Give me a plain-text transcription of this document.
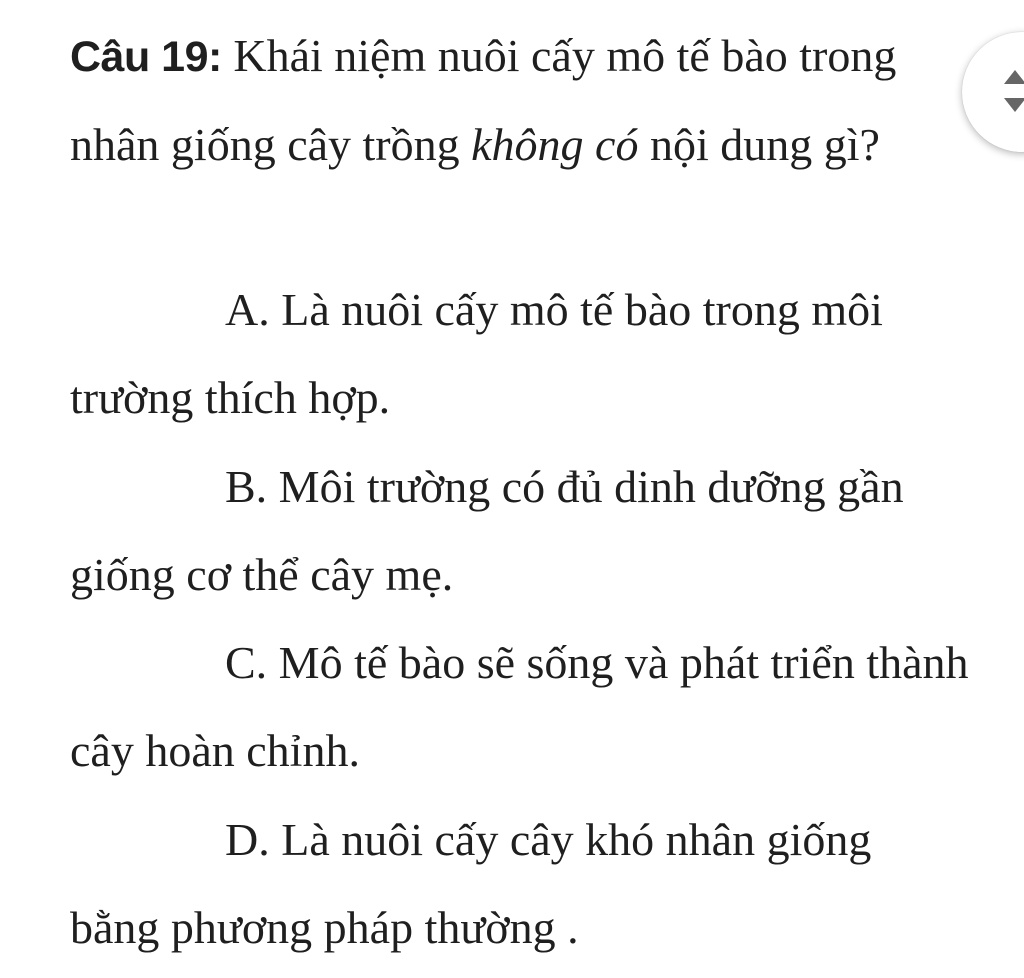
Câu 19: Khái niệm nuôi cấy mô tế bào trong nhân giống cây trồng không có nội dung gì?

A. Là nuôi cấy mô tế bào trong môi trường thích hợp.

B. Môi trường có đủ dinh dưỡng gần giống cơ thể cây mẹ.

C. Mô tế bào sẽ sống và phát triển thành cây hoàn chỉnh.

D. Là nuôi cấy cây khó nhân giống bằng phương pháp thường .
